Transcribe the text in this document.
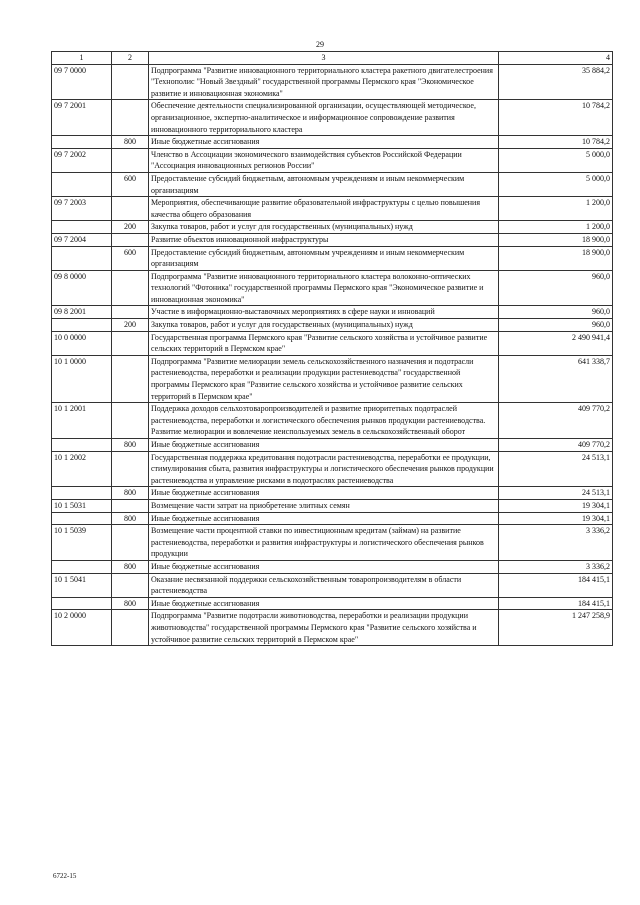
29
1	2	3	4
09 7 0000		Подпрограмма "Развитие инновационного территориального кластера ракетного двигателестроения "Технополис "Новый Звездный" государственной программы Пермского края "Экономическое развитие и инновационная экономика"	35 884,2
09 7 2001		Обеспечение деятельности специализированной организации, осуществляющей методическое, организационное, экспертно-аналитическое и информационное сопровождение развития инновационного территориального кластера	10 784,2
	800	Иные бюджетные ассигнования	10 784,2
09 7 2002		Членство в Ассоциации экономического взаимодействия субъектов Российской Федерации "Ассоциация инновационных регионов России"	5 000,0
	600	Предоставление субсидий бюджетным, автономным учреждениям и иным некоммерческим организациям	5 000,0
09 7 2003		Мероприятия, обеспечивающие развитие образовательной инфраструктуры с целью повышения качества общего образования	1 200,0
	200	Закупка товаров, работ и услуг для государственных (муниципальных) нужд	1 200,0
09 7 2004		Развитие объектов инновационной инфраструктуры	18 900,0
	600	Предоставление субсидий бюджетным, автономным учреждениям и иным некоммерческим организациям	18 900,0
09 8 0000		Подпрограмма "Развитие инновационного территориального кластера волоконно-оптических технологий "Фотоника" государственной программы Пермского края "Экономическое развитие и инновационная экономика"	960,0
09 8 2001		Участие в информационно-выставочных мероприятиях в сфере науки и инноваций	960,0
	200	Закупка товаров, работ и услуг для государственных (муниципальных) нужд	960,0
10 0 0000		Государственная программа Пермского края "Развитие сельского хозяйства и устойчивое развитие сельских территорий в Пермском крае"	2 490 941,4
10 1 0000		Подпрограмма "Развитие мелиорации земель сельскохозяйственного назначения и подотрасли растениеводства, переработки и реализации продукции растениеводства" государственной программы Пермского края "Развитие сельского хозяйства и устойчивое развитие сельских территорий в Пермском крае"	641 338,7
10 1 2001		Поддержка доходов сельхозтоваропроизводителей и развитие приоритетных подотраслей растениеводства, переработки и логистического обеспечения рынков продукции растениеводства. Развитие мелиорации и вовлечение неиспользуемых земель в сельскохозяйственный оборот	409 770,2
	800	Иные бюджетные ассигнования	409 770,2
10 1 2002		Государственная поддержка кредитования подотрасли растениеводства, переработки ее продукции, стимулирования сбыта, развития инфраструктуры и логистического обеспечения рынков продукции растениеводства и управление рисками в подотраслях растениеводства	24 513,1
	800	Иные бюджетные ассигнования	24 513,1
10 1 5031		Возмещение части затрат на приобретение элитных семян	19 304,1
	800	Иные бюджетные ассигнования	19 304,1
10 1 5039		Возмещение части процентной ставки по инвестиционным кредитам (займам) на развитие растениеводства, переработки и развития инфраструктуры и логистического обеспечения рынков продукции	3 336,2
	800	Иные бюджетные ассигнования	3 336,2
10 1 5041		Оказание несвязанной поддержки сельскохозяйственным товаропроизводителям в области растениеводства	184 415,1
	800	Иные бюджетные ассигнования	184 415,1
10 2 0000		Подпрограмма "Развитие подотрасли животноводства, переработки и реализации продукции животноводства" государственной программы Пермского края "Развитие сельского хозяйства и устойчивое развитие сельских территорий в Пермском крае"	1 247 258,9
6722-15
